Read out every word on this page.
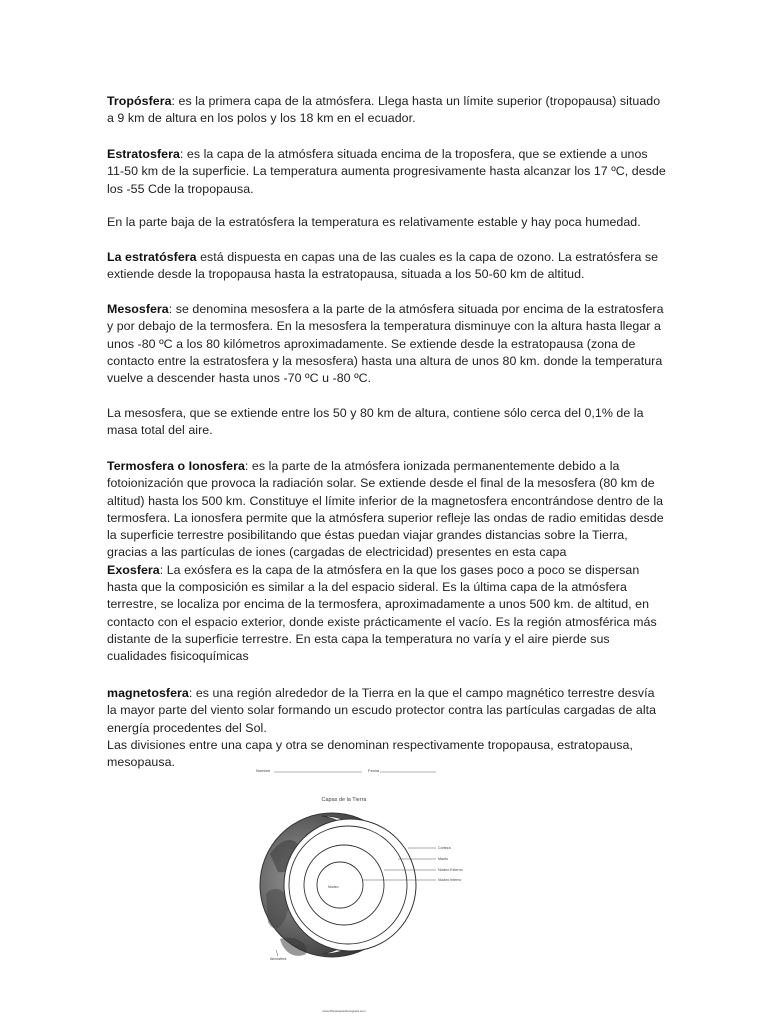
Tropósfera: es la primera capa de la atmósfera. Llega hasta un límite superior (tropopausa) situado a 9 km de altura en los polos y los 18 km en el ecuador.

Estratosfera: es la capa de la atmósfera situada encima de la troposfera, que se extiende a unos 11-50 km de la superficie. La temperatura aumenta progresivamente hasta alcanzar los 17 ºC, desde los -55 Cde la tropopausa.

En la parte baja de la estratósfera la temperatura es relativamente estable y hay poca humedad.

La estratósfera está dispuesta en capas una de las cuales es la capa de ozono. La estratósfera se extiende desde la tropopausa hasta la estratopausa, situada a los 50-60 km de altitud.

Mesosfera: se denomina mesosfera a la parte de la atmósfera situada por encima de la estratosfera y por debajo de la termosfera. En la mesosfera la temperatura disminuye con la altura hasta llegar a unos -80 ºC a los 80 kilómetros aproximadamente. Se extiende desde la estratopausa (zona de contacto entre la estratosfera y la mesosfera) hasta una altura de unos 80 km. donde la temperatura vuelve a descender hasta unos -70 ºC u -80 ºC.

La mesosfera, que se extiende entre los 50 y 80 km de altura, contiene sólo cerca del 0,1% de la masa total del aire.

Termosfera o Ionosfera: es la parte de la atmósfera ionizada permanentemente debido a la fotoionización que provoca la radiación solar. Se extiende desde el final de la mesosfera (80 km de altitud) hasta los 500 km. Constituye el límite inferior de la magnetosfera encontrándose dentro de la termosfera. La ionosfera permite que la atmósfera superior refleje las ondas de radio emitidas desde la superficie terrestre posibilitando que éstas puedan viajar grandes distancias sobre la Tierra, gracias a las partículas de iones (cargadas de electricidad) presentes en esta capa

Exosfera: La exósfera es la capa de la atmósfera en la que los gases poco a poco se dispersan hasta que la composición es similar a la del espacio sideral. Es la última capa de la atmósfera terrestre, se localiza por encima de la termosfera, aproximadamente a unos 500 km. de altitud, en contacto con el espacio exterior, donde existe prácticamente el vacío. Es la región atmosférica más distante de la superficie terrestre. En esta capa la temperatura no varía y el aire pierde sus cualidades fisicoquímicas

magnetosfera: es una región alrededor de la Tierra en la que el campo magnético terrestre desvía la mayor parte del viento solar formando un escudo protector contra las partículas cargadas de alta energía procedentes del Sol.

Las divisiones entre una capa y otra se denominan respectivamente tropopausa, estratopausa, mesopausa.

Nombre	Fecha
Capas de la Tierra
Corteza
Manto
Núcleo Externo
Núcleo Interno
Núcleo
Atmósfera
www.Planetapracticosgratis.com
